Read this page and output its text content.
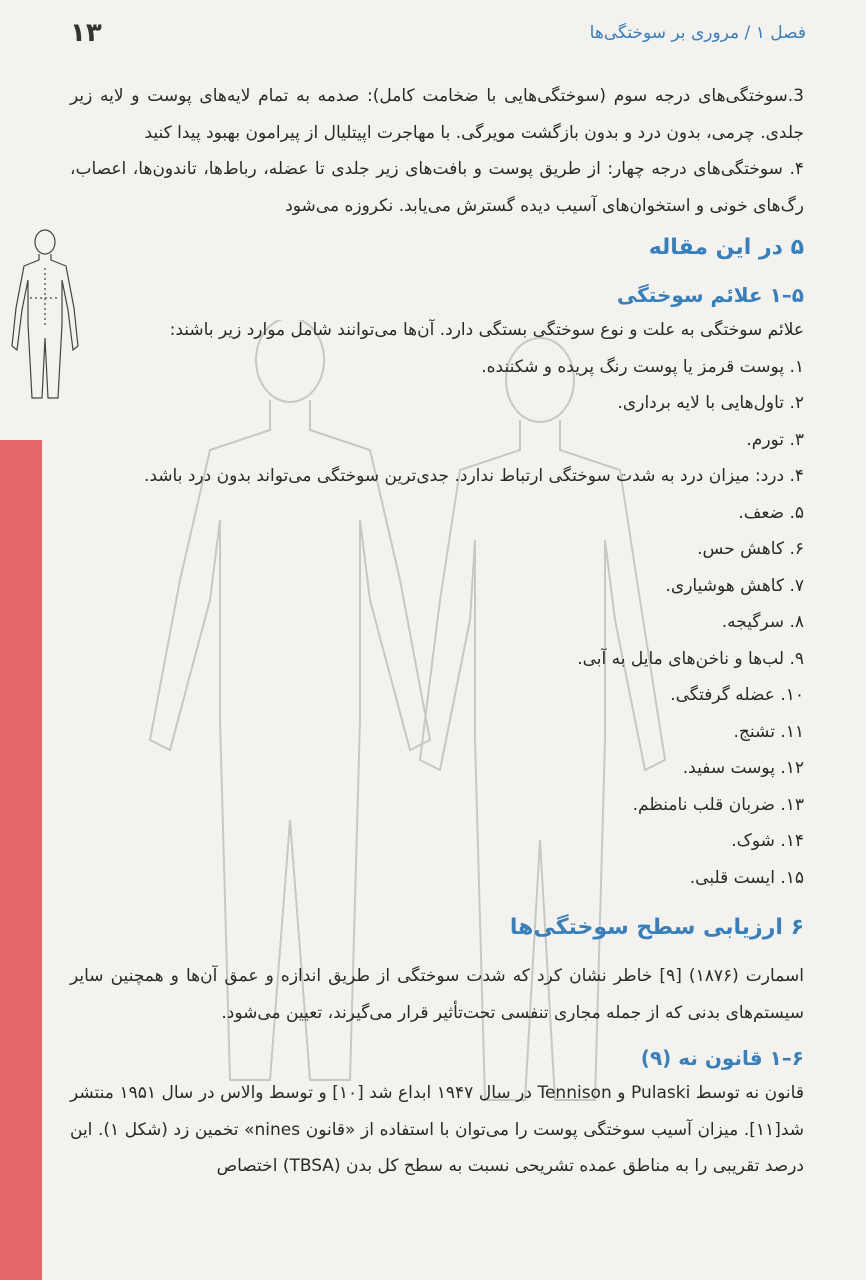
۱۳	فصل ۱ / مروری بر سوختگی‌ها

3.سوختگی‌های درجه سوم (سوختگی‌هایی با ضخامت کامل): صدمه به تمام لایه‌های پوست و لایه زیر جلدی. چرمی، بدون درد و بدون بازگشت مویرگی. با مهاجرت اپیتلیال از پیرامون بهبود پیدا کنید

۴. سوختگی‌های درجه چهار: از طریق پوست و بافت‌های زیر جلدی تا عضله، رباط‌ها، تاندون‌ها، اعصاب، رگ‌های خونی و استخوان‌های آسیب دیده گسترش می‌یابد. نکروزه می‌شود

۵ در این مقاله
۵–۱ علائم سوختگی

علائم سوختگی به علت و نوع سوختگی بستگی دارد. آن‌ها می‌توانند شامل موارد زیر باشند:

۱. پوست قرمز یا پوست رنگ پریده و شکننده.
۲. تاول‌هایی با لایه برداری.
۳. تورم.
۴. درد: میزان درد به شدت سوختگی ارتباط ندارد. جدی‌ترین سوختگی می‌تواند بدون درد باشد.
۵. ضعف.
۶. کاهش حس.
۷. کاهش هوشیاری.
۸. سرگیجه.
۹. لب‌ها و ناخن‌های مایل به آبی.
۱۰. عضله گرفتگی.
۱۱. تشنج.
۱۲. پوست سفید.
۱۳. ضربان قلب نامنظم.
۱۴. شوک.
۱۵. ایست قلبی.
۶ ارزیابی سطح سوختگی‌ها

اسمارت (۱۸۷۶) [۹] خاطر نشان کرد که شدت سوختگی از طریق اندازه و عمق آن‌ها و همچنین سایر سیستم‌های بدنی که از جمله مجاری تنفسی تحت‌تأثیر قرار می‌گیرند، تعیین می‌شود.

۶–۱ قانون نه (۹)

قانون نه توسط Pulaski و Tennison در سال ۱۹۴۷ ابداع شد [۱۰] و توسط والاس در سال ۱۹۵۱ منتشر شد[۱۱]. میزان آسیب سوختگی پوست را می‌توان با استفاده از «قانون nines» تخمین زد (شکل ۱). این درصد تقریبی را به مناطق عمده تشریحی نسبت به سطح کل بدن (TBSA) اختصاص
